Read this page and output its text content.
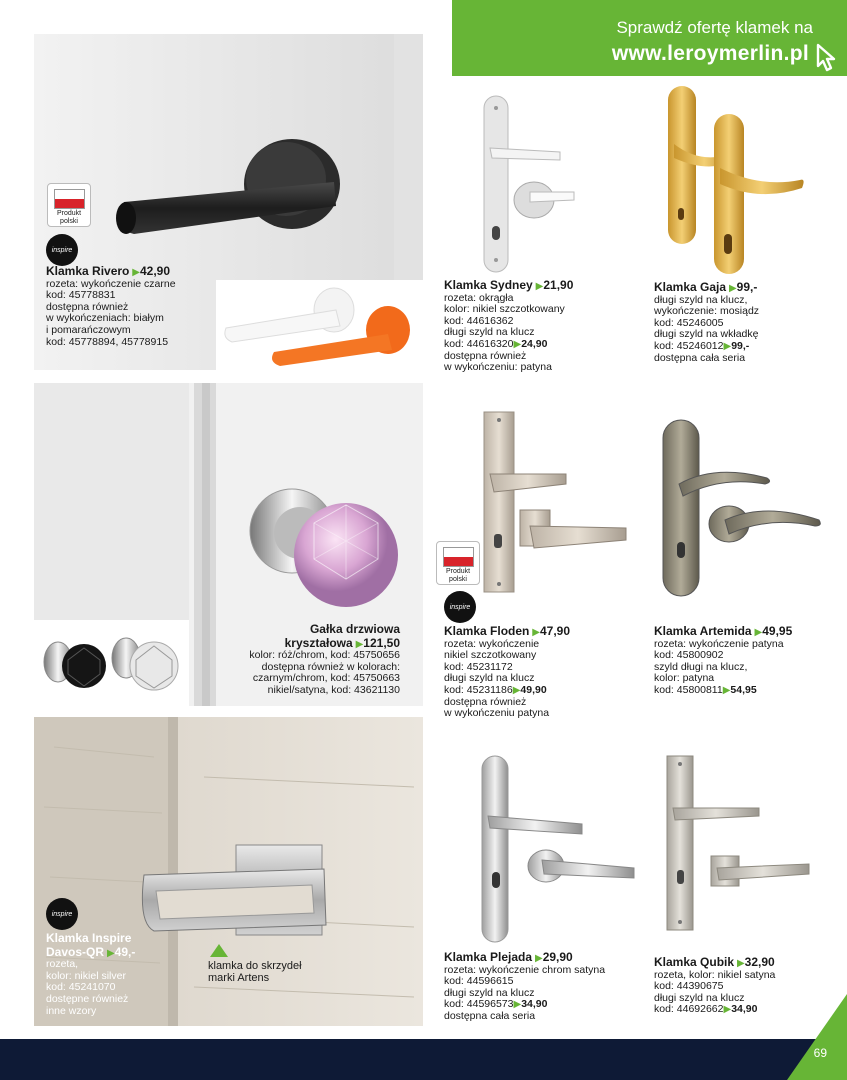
Sprawdź ofertę klamek na
www.leroymerlin.pl
Produkt
polski
inspire
Klamka Rivero ▶42,90
rozeta: wykończenie czarne
kod: 45778831
dostępna również
w wykończeniach: białym
i pomarańczowym
kod: 45778894, 45778915
Klamka Sydney ▶21,90
rozeta: okrągła
kolor: nikiel szczotkowany
kod: 44616362
długi szyld na klucz
kod: 44616320▶24,90
dostępna również
w wykończeniu: patyna
Klamka Gaja ▶99,-
długi szyld na klucz,
wykończenie: mosiądz
kod: 45246005
długi szyld na wkładkę
kod: 45246012▶99,-
dostępna cała seria
Gałka drzwiowa
kryształowa ▶121,50
kolor: róż/chrom, kod: 45750656
dostępna również w kolorach:
czarnym/chrom, kod: 45750663
nikiel/satyna, kod: 43621130
Produkt
polski
inspire
Klamka Floden ▶47,90
rozeta: wykończenie
nikiel szczotkowany
kod: 45231172
długi szyld na klucz
kod: 45231186▶49,90
dostępna również
w wykończeniu patyna
Klamka Artemida ▶49,95
rozeta: wykończenie patyna
kod: 45800902
szyld długi na klucz,
kolor: patyna
kod: 45800811▶54,95
inspire
Klamka Inspire
Davos-QR ▶49,-
rozeta,
kolor: nikiel silver
kod: 45241070
dostępne również
inne wzory
klamka do skrzydeł
marki Artens
Klamka Plejada ▶29,90
rozeta: wykończenie chrom satyna
kod: 44596615
długi szyld na klucz
kod: 44596573▶34,90
dostępna cała seria
Klamka Qubik ▶32,90
rozeta, kolor: nikiel satyna
kod: 44390675
długi szyld na klucz
kod: 44692662▶34,90
69
